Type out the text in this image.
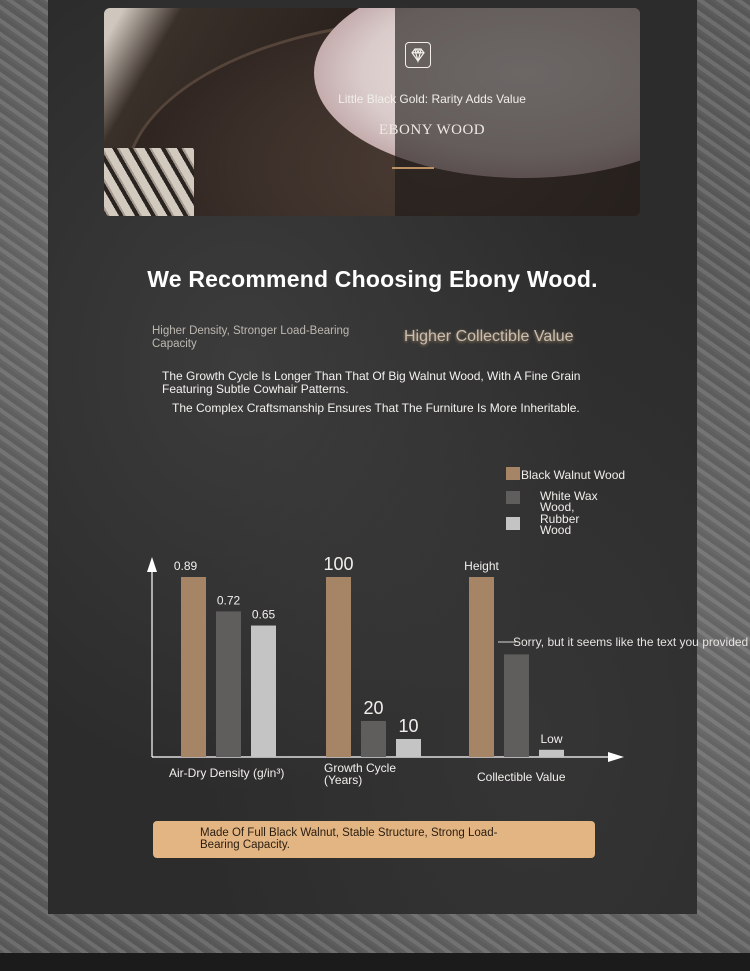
Little Black Gold: Rarity Adds Value
EBONY WOOD
We Recommend Choosing Ebony Wood.
Higher Density, Stronger Load-Bearing Capacity	Higher Collectible Value
The Growth Cycle Is Longer Than That Of Big Walnut Wood, With A Fine Grain Featuring Subtle Cowhair Patterns.
The Complex Craftsmanship Ensures That The Furniture Is More Inheritable.
Black Walnut Wood
White Wax Wood,
Rubber Wood
0.89
0.72
0.65
Air-Dry Density (g/in³)
100
20
10
Growth Cycle
(Years)
Height
Low
Collectible Value
Sorry, but it seems like the text you provided
Made Of Full Black Walnut, Stable Structure, Strong Load-Bearing Capacity.
